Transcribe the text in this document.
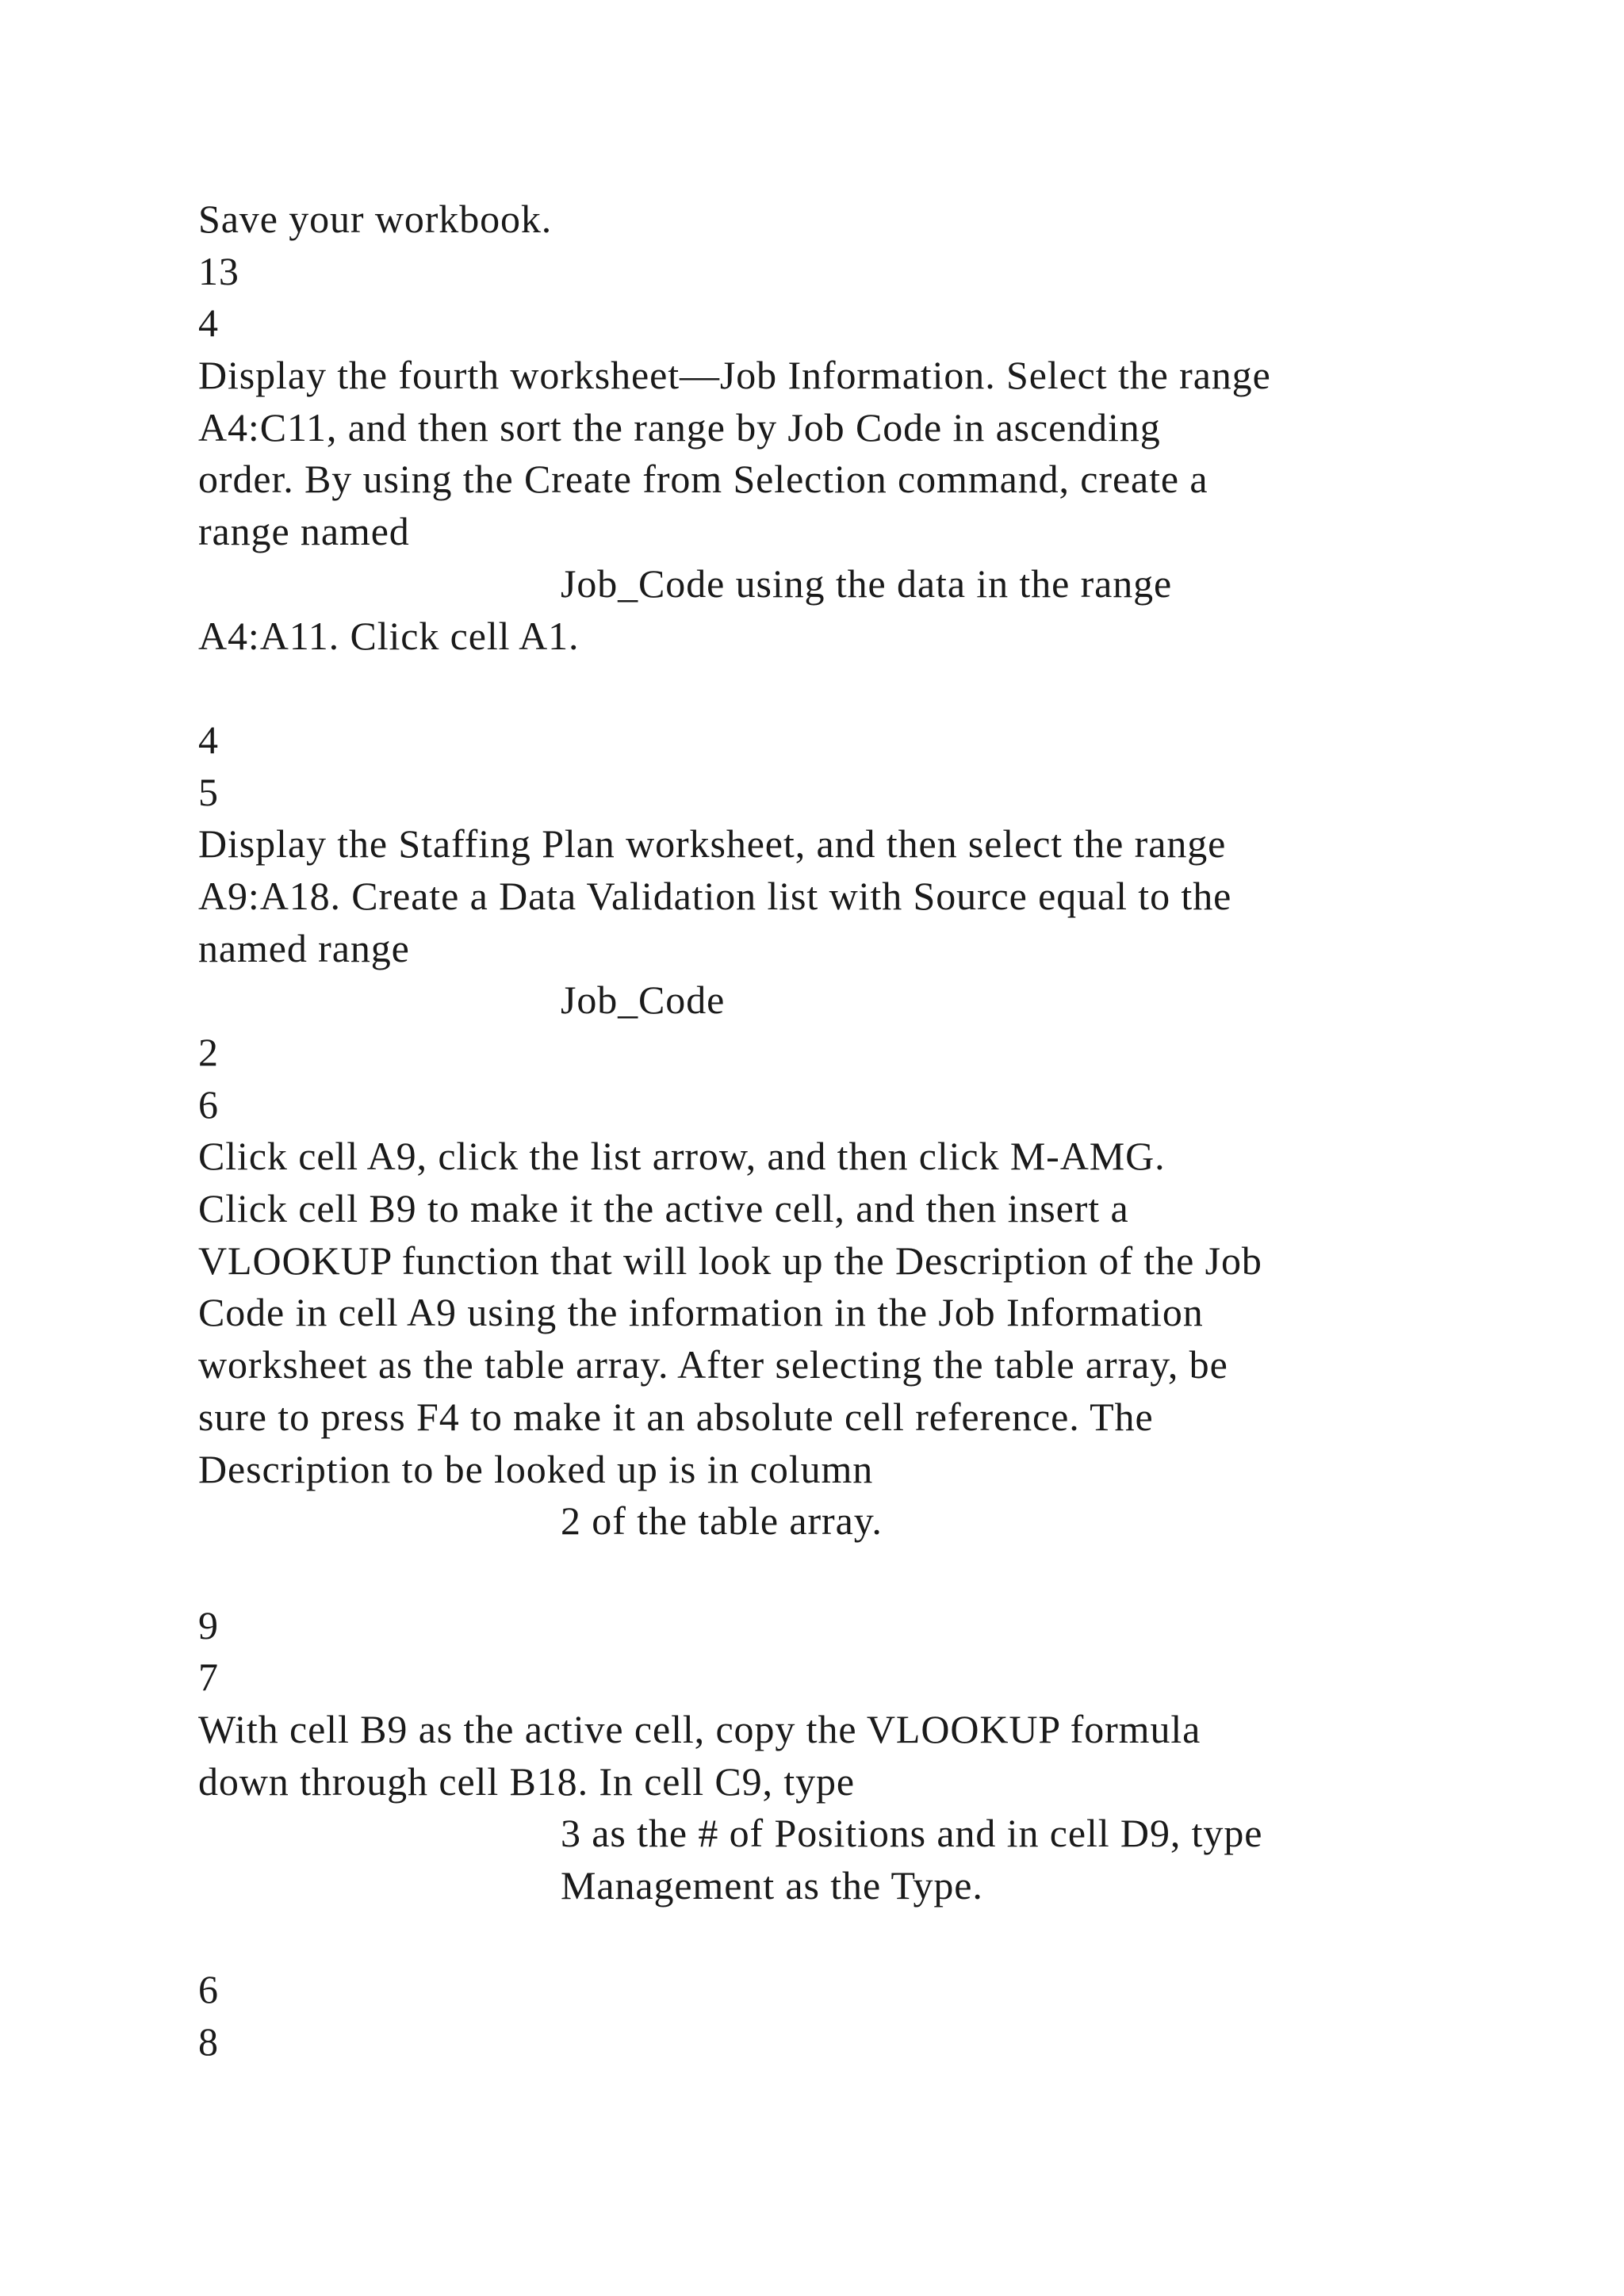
Save your workbook.
13
4
Display the fourth worksheet—Job Information. Select the range
A4:C11, and then sort the range by Job Code in ascending
order. By using the Create from Selection command, create a
range named
Job_Code using the data in the range
A4:A11. Click cell A1.
4
5
Display the Staffing Plan worksheet, and then select the range
A9:A18. Create a Data Validation list with Source equal to the
named range
Job_Code
2
6
Click cell A9, click the list arrow, and then click M-AMG.
Click cell B9 to make it the active cell, and then insert a
VLOOKUP function that will look up the Description of the Job
Code in cell A9 using the information in the Job Information
worksheet as the table array. After selecting the table array, be
sure to press F4 to make it an absolute cell reference. The
Description to be looked up is in column
2 of the table array.
9
7
With cell B9 as the active cell, copy the VLOOKUP formula
down through cell B18. In cell C9, type
3 as the # of Positions and in cell D9, type
Management as the Type.
6
8
